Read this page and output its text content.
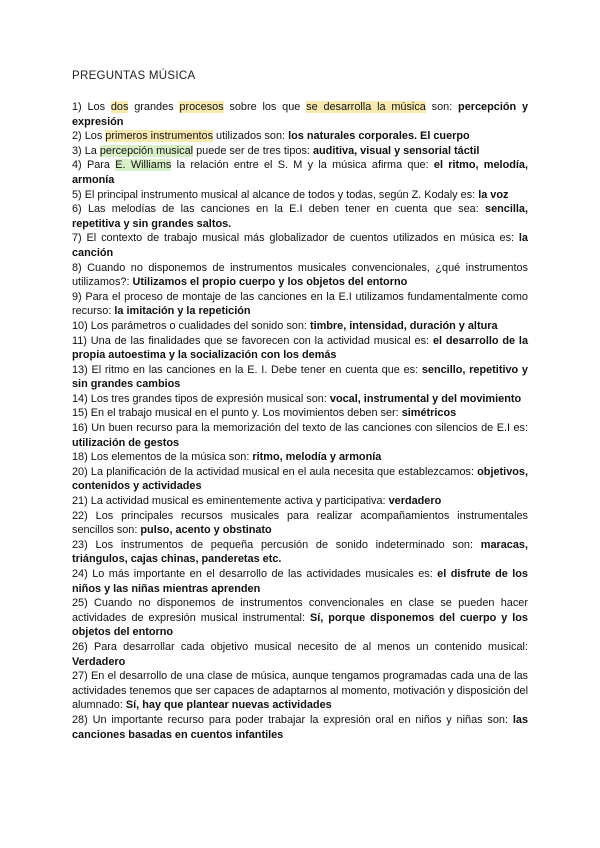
PREGUNTAS MÚSICA
1) Los dos grandes procesos sobre los que se desarrolla la música son: percepción y expresión
2) Los primeros instrumentos utilizados son: los naturales corporales. El cuerpo
3) La percepción musical puede ser de tres tipos: auditiva, visual y sensorial táctil
4) Para E. Williams la relación entre el S. M y la música afirma que: el ritmo, melodía, armonía
5) El principal instrumento musical al alcance de todos y todas, según Z. Kodaly es: la voz
6) Las melodías de las canciones en la E.I deben tener en cuenta que sea: sencilla, repetitiva y sin grandes saltos.
7) El contexto de trabajo musical más globalizador de cuentos utilizados en música es: la canción
8) Cuando no disponemos de instrumentos musicales convencionales, ¿qué instrumentos utilizamos?: Utilizamos el propio cuerpo y los objetos del entorno
9) Para el proceso de montaje de las canciones en la E.I utilizamos fundamentalmente como recurso: la imitación y la repetición
10) Los parámetros o cualidades del sonido son: timbre, intensidad, duración y altura
11) Una de las finalidades que se favorecen con la actividad musical es: el desarrollo de la propia autoestima y la socialización con los demás
13) El ritmo en las canciones en la E. I. Debe tener en cuenta que es: sencillo, repetitivo y sin grandes cambios
14) Los tres grandes tipos de expresión musical son: vocal, instrumental y del movimiento
15) En el trabajo musical en el punto y. Los movimientos deben ser: simétricos
16) Un buen recurso para la memorización del texto de las canciones con silencios de E.I es: utilización de gestos
18) Los elementos de la música son: ritmo, melodía y armonía
20) La planificación de la actividad musical en el aula necesita que establezcamos: objetivos, contenidos y actividades
21) La actividad musical es eminentemente activa y participativa: verdadero
22) Los principales recursos musicales para realizar acompañamientos instrumentales sencillos son: pulso, acento y obstinato
23) Los instrumentos de pequeña percusión de sonido indeterminado son: maracas, triángulos, cajas chinas, panderetas etc.
24) Lo más importante en el desarrollo de las actividades musicales es: el disfrute de los niños y las niñas mientras aprenden
25) Cuando no disponemos de instrumentos convencionales en clase se pueden hacer actividades de expresión musical instrumental: Sí, porque disponemos del cuerpo y los objetos del entorno
26) Para desarrollar cada objetivo musical necesito de al menos un contenido musical: Verdadero
27) En el desarrollo de una clase de música, aunque tengamos programadas cada una de las actividades tenemos que ser capaces de adaptarnos al momento, motivación y disposición del alumnado: Sí, hay que plantear nuevas actividades
28) Un importante recurso para poder trabajar la expresión oral en niños y niñas son: las canciones basadas en cuentos infantiles
